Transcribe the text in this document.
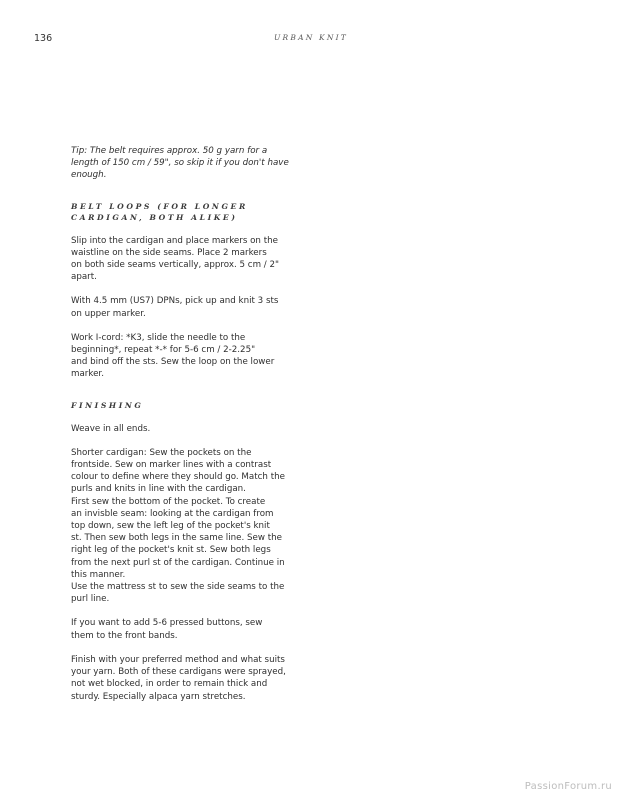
136	URBAN KNIT

Tip: The belt requires approx. 50 g yarn for a
length of 150 cm / 59", so skip it if you don't have
enough.

BELT LOOPS (FOR LONGER
CARDIGAN, BOTH ALIKE)

Slip into the cardigan and place markers on the
waistline on the side seams. Place 2 markers
on both side seams vertically, approx. 5 cm / 2"
apart.

With 4.5 mm (US7) DPNs, pick up and knit 3 sts
on upper marker.

Work I-cord: *K3, slide the needle to the
beginning*, repeat *-* for 5-6 cm / 2-2.25"
and bind off the sts. Sew the loop on the lower
marker.

FINISHING

Weave in all ends.

Shorter cardigan: Sew the pockets on the
frontside. Sew on marker lines with a contrast
colour to define where they should go. Match the
purls and knits in line with the cardigan.
First sew the bottom of the pocket. To create
an invisble seam: looking at the cardigan from
top down, sew the left leg of the pocket's knit
st. Then sew both legs in the same line. Sew the
right leg of the pocket's knit st. Sew both legs
from the next purl st of the cardigan. Continue in
this manner.
Use the mattress st to sew the side seams to the
purl line.

If you want to add 5-6 pressed buttons, sew
them to the front bands.

Finish with your preferred method and what suits
your yarn. Both of these cardigans were sprayed,
not wet blocked, in order to remain thick and
sturdy. Especially alpaca yarn stretches.

PassionForum.ru
